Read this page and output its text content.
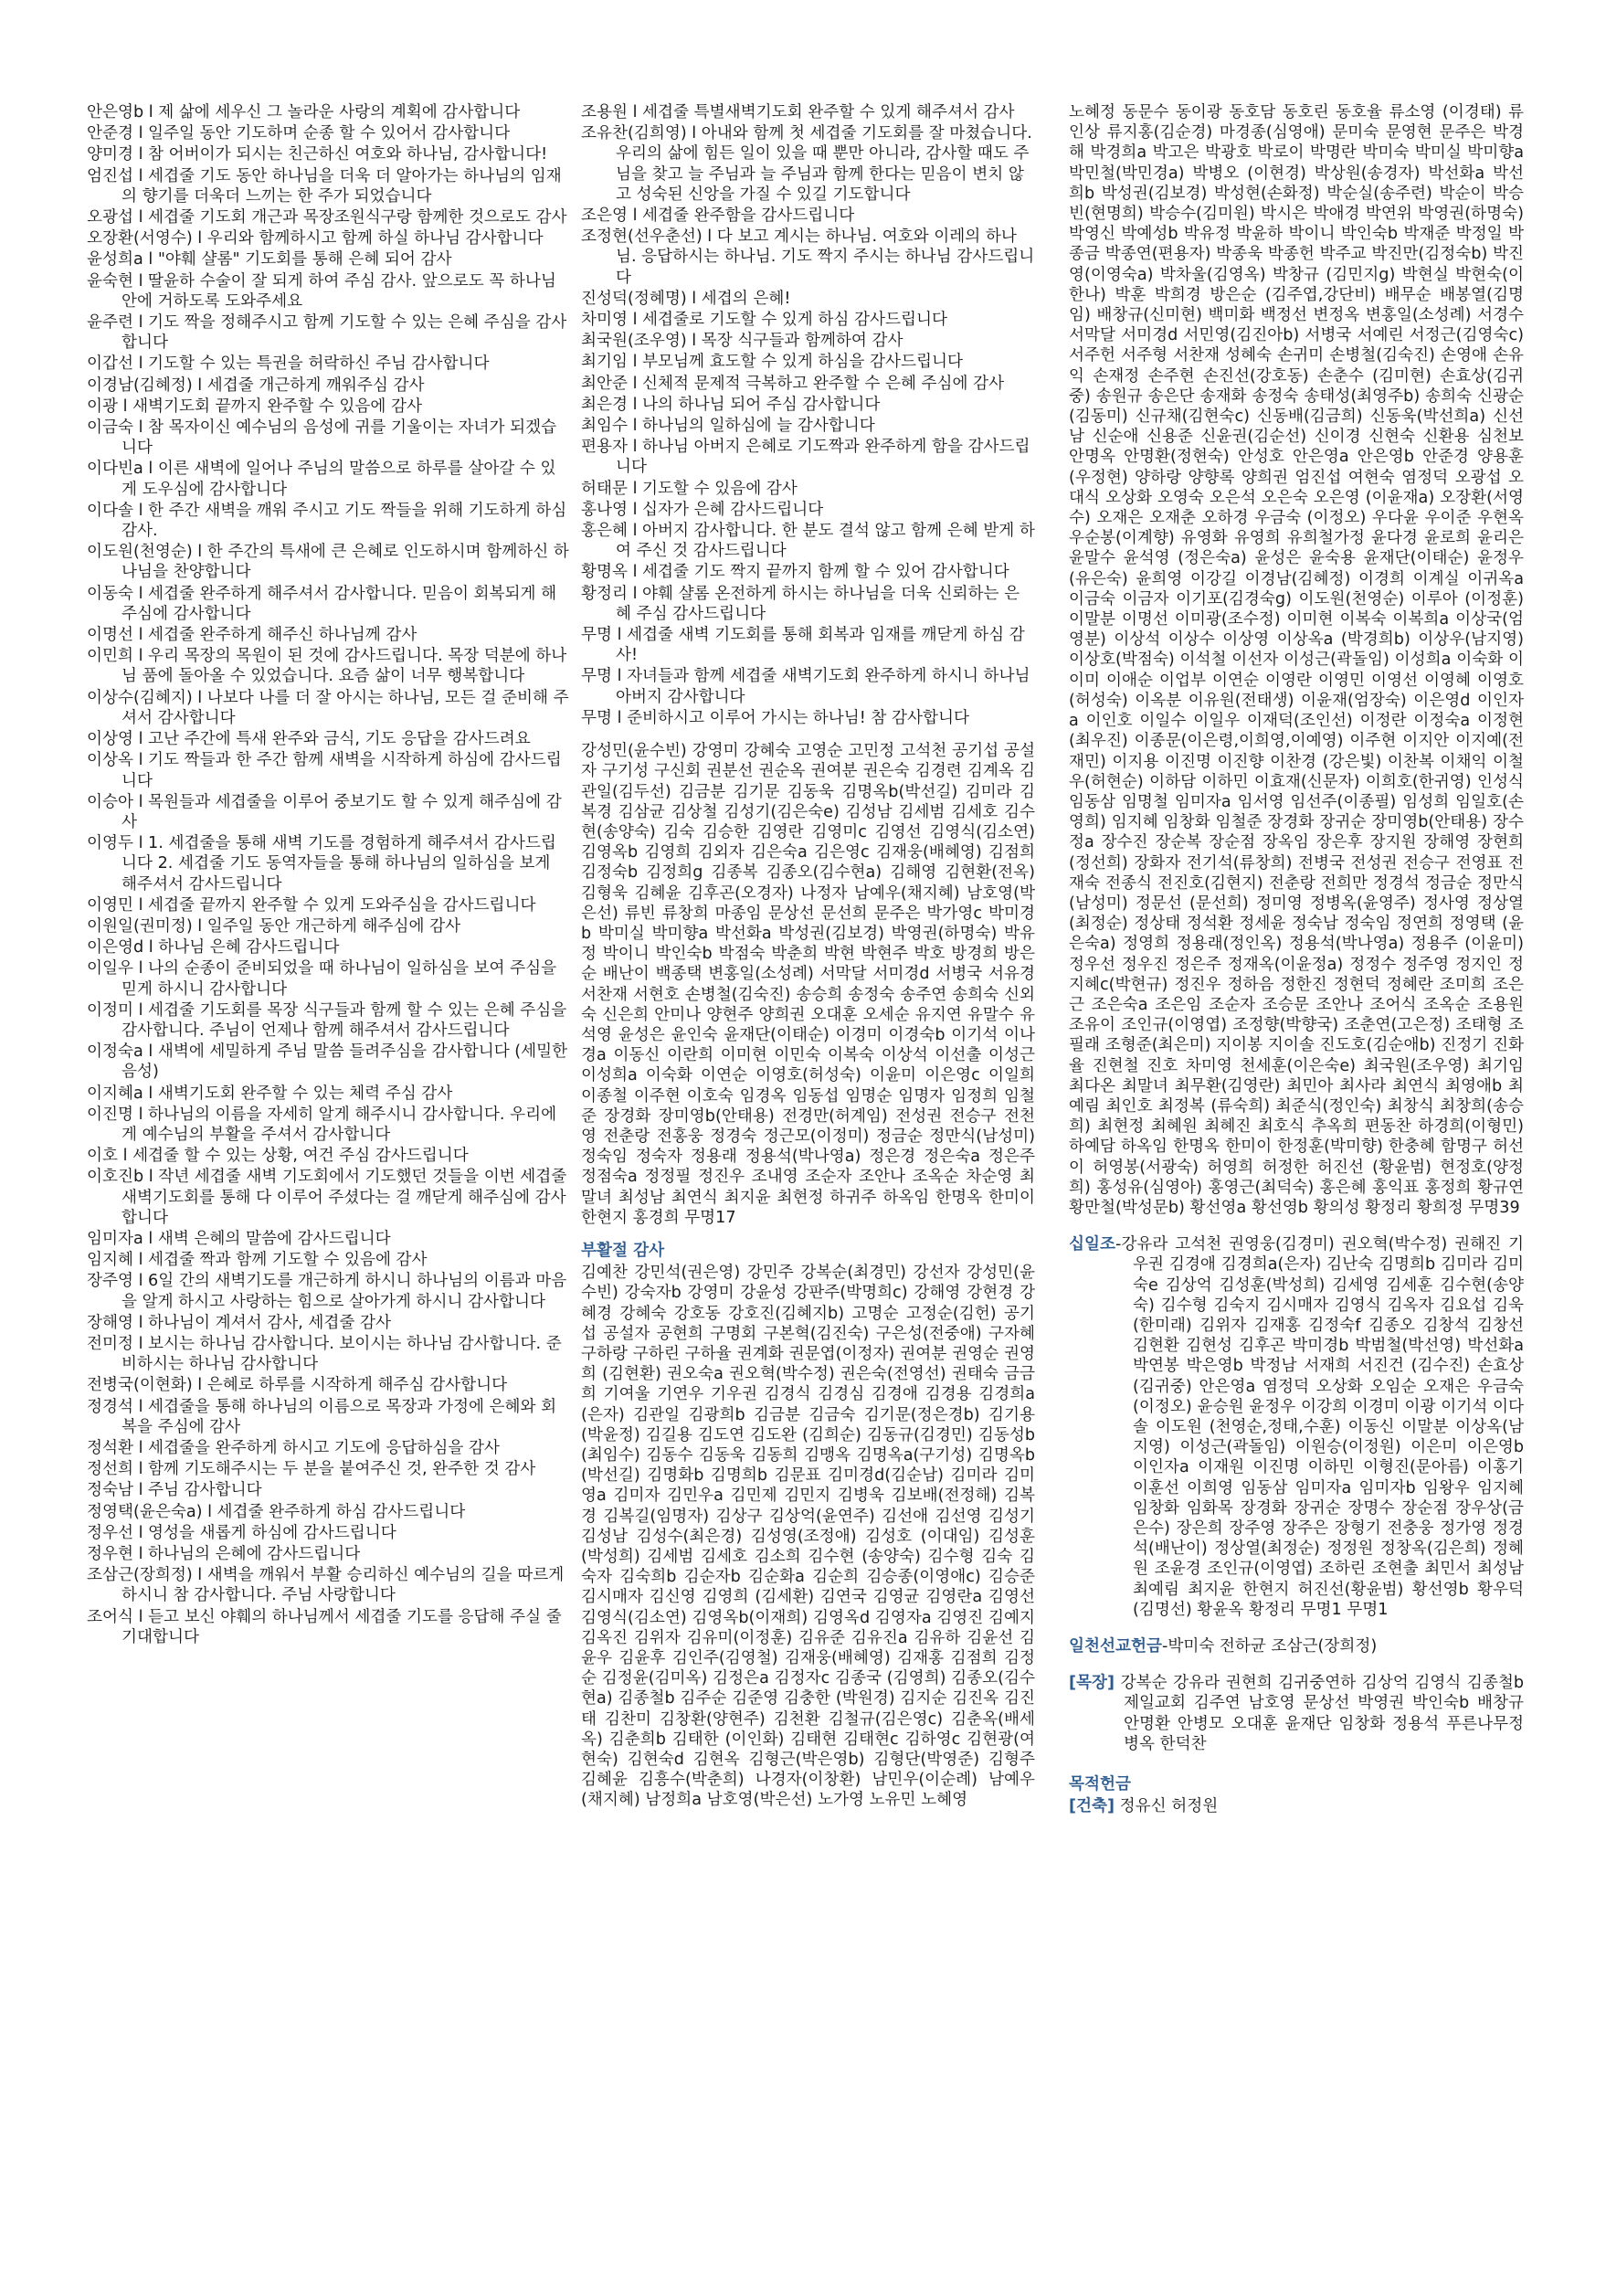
안은영b l 제 삶에 세우신 그 놀라운 사랑의 계획에 감사합니다
안준경 l 일주일 동안 기도하며 순종 할 수 있어서 감사합니다
양미경 l 참 어버이가 되시는 친근하신 여호와 하나님, 감사합니다!
엄진섭 l 세겹줄 기도 동안 하나님을 더욱 더 알아가는 하나님의 임재의 향기를 더욱더 느끼는 한 주가 되었습니다
오광섭 l 세겹줄 기도회 개근과 목장조원식구랑 함께한 것으로도 감사
오장환(서영수) l 우리와 함께하시고 함께 하실 하나님 감사합니다
윤성희a l "야훼 샬롬" 기도회를 통해 은혜 되어 감사
윤숙현 l 딸윤하 수술이 잘 되게 하여 주심 감사. 앞으로도 꼭 하나님 안에 거하도록 도와주세요
윤주련 l 기도 짝을 정해주시고 함께 기도할 수 있는 은혜 주심을 감사합니다
이갑선 l 기도할 수 있는 특권을 허락하신 주님 감사합니다
이경남(김혜정) l 세겹줄 개근하게 깨워주심 감사
이광 l 새벽기도회 끝까지 완주할 수 있음에 감사
이금숙 l 참 목자이신 예수님의 음성에 귀를 기울이는 자녀가 되겠습니다
이다빈a l 이른 새벽에 일어나 주님의 말씀으로 하루를 살아갈 수 있게 도우심에 감사합니다
이다솔 l 한 주간 새벽을 깨워 주시고 기도 짝들을 위해 기도하게 하심 감사.
이도원(천영순) l 한 주간의 특새에 큰 은혜로 인도하시며 함께하신 하나님을 찬양합니다
이동숙 l 세겹줄 완주하게 해주셔서 감사합니다. 믿음이 회복되게 해주심에 감사합니다
이명선 l 세겹줄 완주하게 해주신 하나님께 감사
이민희 l 우리 목장의 목원이 된 것에 감사드립니다. 목장 덕분에 하나님 품에 돌아올 수 있었습니다. 요즘 삶이 너무 행복합니다
이상수(김혜지) l 나보다 나를 더 잘 아시는 하나님, 모든 걸 준비해 주셔서 감사합니다
이상영 l 고난 주간에 특새 완주와 금식, 기도 응답을 감사드려요
이상옥 l 기도 짝들과 한 주간 함께 새벽을 시작하게 하심에 감사드립니다
이승아 l 목원들과 세겹줄을 이루어 중보기도 할 수 있게 해주심에 감사
이영두 l 1. 세겹줄을 통해 새벽 기도를 경험하게 해주셔서 감사드립니다 2. 세겹줄 기도 동역자들을 통해 하나님의 일하심을 보게 해주셔서 감사드립니다
이영민 l 세겹줄 끝까지 완주할 수 있게 도와주심을 감사드립니다
이원일(권미정) l 일주일 동안 개근하게 해주심에 감사
이은영d l 하나님 은혜 감사드립니다
이일우 l 나의 순종이 준비되었을 때 하나님이 일하심을 보여 주심을 믿게 하시니 감사합니다
이정미 l 세겹줄 기도회를 목장 식구들과 함께 할 수 있는 은혜 주심을 감사합니다. 주님이 언제나 함께 해주셔서 감사드립니다
이정숙a l 새벽에 세밀하게 주님 말씀 들려주심을 감사합니다 (세밀한 음성)
이지혜a l 새벽기도회 완주할 수 있는 체력 주심 감사
이진명 l 하나님의 이름을 자세히 알게 해주시니 감사합니다. 우리에게 예수님의 부활을 주셔서 감사합니다
이호 l 세겹줄 할 수 있는 상황, 여건 주심 감사드립니다
이호진b l 작년 세겹줄 새벽 기도회에서 기도했던 것들을 이번 세겹줄 새벽기도회를 통해 다 이루어 주셨다는 걸 깨닫게 해주심에 감사합니다
임미자a l 새벽 은혜의 말씀에 감사드립니다
임지혜 l 세겹줄 짝과 함께 기도할 수 있음에 감사
장주영 l 6일 간의 새벽기도를 개근하게 하시니 하나님의 이름과 마음을 알게 하시고 사랑하는 힘으로 살아가게 하시니 감사합니다
장해영 l 하나님이 계셔서 감사, 세겹줄 감사
전미정 l 보시는 하나님 감사합니다. 보이시는 하나님 감사합니다. 준비하시는 하나님 감사합니다
전병국(이현화) l 은혜로 하루를 시작하게 해주심 감사합니다
정경석 l 세겹줄을 통해 하나님의 이름으로 목장과 가정에 은혜와 회복을 주심에 감사
정석환 l 세겹줄을 완주하게 하시고 기도에 응답하심을 감사
정선희 l 함께 기도해주시는 두 분을 붙여주신 것, 완주한 것 감사
정숙남 l 주님 감사합니다
정영택(윤은숙a) l 세겹줄 완주하게 하심 감사드립니다
정우선 l 영성을 새롭게 하심에 감사드립니다
정우현 l 하나님의 은혜에 감사드립니다
조삼근(장희정) l 새벽을 깨워서 부활 승리하신 예수님의 길을 따르게 하시니 참 감사합니다. 주님 사랑합니다
조어식 l 듣고 보신 야훼의 하나님께서 세겹줄 기도를 응답해 주실 줄 기대합니다
조용원 l 세겹줄 특별새벽기도회 완주할 수 있게 해주셔서 감사
조유찬(김희영) l 아내와 함께 첫 세겹줄 기도회를 잘 마쳤습니다. 우리의 삶에 힘든 일이 있을 때 뿐만 아니라, 감사할 때도 주님을 찾고 늘 주님과 늘 주님과 함께 한다는 믿음이 변치 않고 성숙된 신앙을 가질 수 있길 기도합니다
조은영 l 세겹줄 완주함을 감사드립니다
조정현(선우춘선) l 다 보고 계시는 하나님. 여호와 이레의 하나님. 응답하시는 하나님. 기도 짝지 주시는 하나님 감사드립니다
진성덕(정혜명) l 세겹의 은혜!
차미영 l 세겹줄로 기도할 수 있게 하심 감사드립니다
최국원(조우영) l 목장 식구들과 함께하여 감사
최기임 l 부모님께 효도할 수 있게 하심을 감사드립니다
최안준 l 신체적 문제적 극복하고 완주할 수 은혜 주심에 감사
최은경 l 나의 하나님 되어 주심 감사합니다
최임수 l 하나님의 일하심에 늘 감사합니다
편용자 l 하나님 아버지 은혜로 기도짝과 완주하게 함을 감사드립니다
허태문 l 기도할 수 있음에 감사
홍나영 l 십자가 은혜 감사드립니다
홍은혜 l 아버지 감사합니다. 한 분도 결석 않고 함께 은혜 받게 하여 주신 것 감사드립니다
황명옥 l 세겹줄 기도 짝지 끝까지 함께 할 수 있어 감사합니다
황정리 l 야훼 샬롬 온전하게 하시는 하나님을 더욱 신뢰하는 은혜 주심 감사드립니다
무명 l 세겹줄 새벽 기도회를 통해 회복과 임재를 깨닫게 하심 감사!
무명 l 자녀들과 함께 세겹줄 새벽기도회 완주하게 하시니 하나님 아버지 감사합니다
무명 l 준비하시고 이루어 가시는 하나님! 참 감사합니다
강성민(윤수빈) 강영미 강혜숙 고영순 고민정 고석천 공기섭 공설자 구기성 구신회 권분선 권순옥 권여분 권은숙 김경련 김계옥 김관일(김두선) 김금분 김기문 김동욱 김명옥b(박선길) 김미라 김복경 김삼균 김상철 김성기(김은숙e) 김성남 김세범 김세호 김수현(송양숙) 김숙 김승한 김영란 김영미c 김영선 김영식(김소연) 김영옥b 김영희 김외자 김은숙a 김은영c 김재웅(배혜영) 김점희 김정숙b 김정희g 김종복 김종오(김수현a) 김해영 김현환(전옥) 김형욱 김혜윤 김후곤(오경자) 나정자 남예우(채지혜) 남호영(박은선) 류빈 류창희 마종임 문상선 문선희 문주은 박가영c 박미경b 박미실 박미향a 박선화a 박성권(김보경) 박영권(하명숙) 박유정 박이니 박인숙b 박점숙 박춘희 박현 박현주 박호 방경희 방은순 배난이 백종택 변홍일(소성례) 서막달 서미경d 서병국 서유경 서찬재 서현호 손병철(김숙진) 송승희 송정숙 송주연 송희숙 신외숙 신은희 안미나 양현주 양희권 오대훈 오세순 유지연 유말수 유석영 윤성은 윤인숙 윤재단(이태순) 이경미 이경숙b 이기석 이나경a 이동신 이란희 이미현 이민숙 이복숙 이상석 이선출 이성근 이성희a 이숙화 이연순 이영호(허성숙) 이윤미 이은영c 이일희 이종철 이주현 이호숙 임경옥 임동섭 임명순 임명자 임정희 임철준 장경화 장미영b(안태용) 전경만(허계임) 전성권 전승구 전천영 전춘랑 전홍웅 정경숙 정근모(이정미) 정금순 정만식(남성미) 정숙임 정숙자 정용래 정용석(박나영a) 정은경 정은숙a 정은주 정점숙a 정정필 정진우 조내영 조순자 조안나 조옥순 차순영 최말녀 최성남 최연식 최지윤 최현정 하귀주 하옥임 한명옥 한미이 한현지 홍경희 무명17
부활절 감사
김예찬 강민석(권은영) 강민주 강복순(최경민) 강선자 강성민(윤수빈) 강숙자b 강영미 강윤성 강판주(박명희c) 강해영 강현경 강혜경 강혜숙 강호동 강호진(김혜지b) 고명순 고정순(김헌) 공기섭 공설자 공현희 구명회 구본혁(김진숙) 구은성(전중애) 구자혜 구하랑 구하린 구하율 권계화 권문엽(이정자) 권여분 권영순 권영희 (김현환) 권오숙a 권오혁(박수정) 권은숙(전영선) 권태숙 금금희 기여울 기연우 기우권 김경식 김경심 김경애 김경용 김경희a(은자) 김관일 김광희b 김금분 김금숙 김기문(정은경b) 김기용(박윤정) 김길용 김도연 김도완 (김희순) 김동규(김경민) 김동성b(최임수) 김동수 김동욱 김동희 김맹옥 김명옥a(구기성) 김명옥b(박선길) 김명화b 김명희b 김문표 김미경d(김순남) 김미라 김미영a 김미자 김민우a 김민제 김민지 김병욱 김보배(전정해) 김복경 김복길(임명자) 김상구 김상억(윤연주) 김선애 김선영 김성기 김성남 김성수(최은경) 김성영(조정애) 김성호 (이대임) 김성훈(박성희) 김세범 김세호 김소희 김수현 (송양숙) 김수형 김숙 김숙자 김숙희b 김순자b 김순화a 김순희 김승종(이영애c) 김승준 김시매자 김신영 김영희 (김세환) 김연국 김영균 김영란a 김영선 김영식(김소연) 김영옥b(이재희) 김영옥d 김영자a 김영진 김예지 김옥진 김위자 김유미(이정훈) 김유준 김유진a 김유하 김윤선 김윤우 김윤후 김인주(김영철) 김재웅(배혜영) 김재홍 김점희 김정순 김정윤(김미옥) 김정은a 김정자c 김종국 (김영희) 김종오(김수현a) 김종철b 김주순 김준영 김충한 (박원경) 김지순 김진옥 김진태 김찬미 김창환(양현주) 김천환 김철규(김은영c) 김춘옥(배세옥) 김춘희b 김태한 (이인화) 김태현 김태현c 김하영c 김현광(여현숙) 김현숙d 김현옥 김형근(박은영b) 김형단(박영준) 김형주 김혜윤 김흥수(박춘희) 나경자(이창환) 남민우(이순례) 남예우 (채지혜) 남정희a 남호영(박은선) 노가영 노유민 노혜영
노혜정 동문수 동이광 동호담 동호린 동호율 류소영 (이경태) 류인상 류지홍(김순경) 마경종(심영애) 문미숙 문영현 문주은 박경해 박경희a 박고은 박광호 박로이 박명란 박미숙 박미실 박미향a 박민철(박민경a) 박병오 (이현경) 박상원(송경자) 박선화a 박선희b 박성권(김보경) 박성현(손화정) 박순실(송주련) 박순이 박승빈(현명희) 박승수(김미원) 박시은 박애경 박연위 박영권(하명숙) 박영신 박예성b 박유정 박윤하 박이니 박인숙b 박재준 박정일 박종금 박종연(편용자) 박종욱 박종헌 박주교 박진만(김정숙b) 박진영(이영숙a) 박차울(김영옥) 박창규 (김민지g) 박현실 박현숙(이한나) 박훈 박희경 방은순 (김주엽,강단비) 배무순 배봉열(김명임) 배창규(신미현) 백미화 백정선 변정옥 변홍일(소성례) 서경수 서막달 서미경d 서민영(김진아b) 서병국 서예린 서정근(김영숙c) 서주헌 서주형 서찬재 성혜숙 손귀미 손병철(김숙진) 손영애 손유익 손재정 손주현 손진선(강호동) 손춘수 (김미현) 손효상(김귀중) 송원규 송은단 송재화 송정숙 송태성(최영주b) 송희숙 신광순(김동미) 신규채(김현숙c) 신동배(김금희) 신동욱(박선희a) 신선남 신순애 신용준 신윤권(김순선) 신이경 신현숙 신환용 심천보 안명옥 안명환(정현숙) 안성호 안은영a 안은영b 안준경 양용훈 (우정현) 양하랑 양향록 양희권 엄진섭 여현숙 염정덕 오광섭 오대식 오상화 오영숙 오은석 오은숙 오은영 (이윤재a) 오장환(서영수) 오재은 오재춘 오하경 우금숙 (이정오) 우다윤 우이준 우현옥 우순봉(이계향) 유영화 유영희 유희철가정 윤다경 윤로희 윤리은 윤말수 윤석영 (정은숙a) 윤성은 윤숙용 윤재단(이태순) 윤정우(유은숙) 윤희영 이강길 이경남(김혜정) 이경희 이계실 이귀옥a 이금숙 이금자 이기포(김경숙g) 이도원(천영순) 이루아 (이정훈) 이말분 이명선 이미광(조수정) 이미현 이복숙 이복희a 이상국(엄영분) 이상석 이상수 이상영 이상옥a (박경희b) 이상우(남지영) 이상호(박점숙) 이석철 이선자 이성근(곽돌임) 이성희a 이숙화 이이미 이애순 이업부 이연순 이영란 이영민 이영선 이영혜 이영호(허성숙) 이옥분 이유원(전태생) 이윤재(엄장숙) 이은영d 이인자a 이인호 이일수 이일우 이재덕(조인선) 이정란 이정숙a 이정현(최우진) 이종문(이은령,이희영,이예영) 이주현 이지안 이지예(전재민) 이지용 이진명 이진향 이찬경 (강은빛) 이찬복 이채익 이철우(허현순) 이하담 이하민 이효재(신문자) 이희호(한귀영) 인성식 임동삼 임명철 임미자a 임서영 임선주(이종필) 임성희 임일호(손영희) 임지혜 임창화 임철준 장경화 장귀순 장미영b(안태용) 장수정a 장수진 장순복 장순점 장옥임 장은후 장지원 장해영 장현희(정선희) 장화자 전기석(류창희) 전병국 전성권 전승구 전영표 전재숙 전종식 전진호(김현지) 전춘랑 전희만 정경석 정금순 정만식(남성미) 정문선 (문선희) 정미영 정병옥(윤영주) 정사영 정상열(최정순) 정상태 정석환 정세윤 정숙남 정숙임 정연희 정영택 (윤은숙a) 정영희 정용래(정인옥) 정용석(박나영a) 정용주 (이윤미) 정우선 정우진 정은주 정재옥(이윤정a) 정정수 정주영 정지인 정지혜c(박현규) 정진우 정하음 정한진 정현덕 정혜란 조미희 조은근 조은숙a 조은임 조순자 조승문 조안나 조어식 조옥순 조용원 조유이 조인규(이영엽) 조정향(박향국) 조춘연(고은정) 조태형 조필래 조형준(최은미) 지이봉 지이솔 진도호(김순애b) 진정기 진화율 진현철 진호 차미영 천세훈(이은숙e) 최국원(조우영) 최기임 최다온 최말녀 최무환(김영란) 최민아 최사라 최연식 최영애b 최예림 최인호 최정복 (류숙희) 최준식(정인숙) 최창식 최창희(송승희) 최현정 최혜원 최혜진 최호식 추옥희 편동찬 하경희(이형민) 하예담 하옥임 한명옥 한미이 한정훈(박미향) 한충혜 함명구 허선이 허영봉(서광숙) 허영희 허정한 허진선 (황윤범) 현정호(양정희) 홍성유(심영아) 홍영근(최덕숙) 홍은혜 홍익표 홍정희 황규연 황만철(박성문b) 황선영a 황선영b 황의성 황정리 황희정 무명39
십일조-강유라 고석천 권영웅(김경미) 권오혁(박수정) 권해진 기우권 김경애 김경희a(은자) 김난숙 김명희b 김미라 김미숙e 김상억 김성훈(박성희) 김세영 김세훈 김수현(송양숙) 김수형 김숙지 김시매자 김영식 김옥자 김요섭 김욱(한미래) 김위자 김재홍 김정숙f 김종오 김창석 김창선 김현환 김현성 김후곤 박미경b 박범철(박선영) 박선화a 박연봉 박은영b 박정남 서재희 서진건 (김수진) 손효상(김귀중) 안은영a 염정덕 오상화 오임순 오재은 우금숙(이정오) 윤승원 윤정우 이강희 이경미 이광 이기석 이다솔 이도원 (천영순,정태,수훈) 이동신 이말분 이상옥(남지영) 이성근(곽돌임) 이원승(이정원) 이은미 이은영b 이인자a 이재원 이진명 이하민 이형진(문아름) 이홍기 이훈선 이희영 임동삼 임미자a 임미자b 임왕우 임지혜 임창화 임화목 장경화 장귀순 장명수 장순점 장우상(금은수) 장은희 장주영 장주은 장형기 전충웅 정가영 정경석(배난이) 정상열(최정순) 정정원 정창옥(김은희) 정혜원 조윤경 조인규(이영엽) 조하린 조현출 최민서 최성남 최예림 최지윤 한현지 허진선(황윤범) 황선영b 황우덕(김명선) 황윤옥 황정리 무명1 무명1
일천선교헌금-박미숙 전하균 조삼근(장희정)
[목장] 강복순 강유라 권현희 김귀중연하 김상억 김영식 김종철b제일교회 김주연 남호영 문상선 박영권 박인숙b 배창규 안명환 안병모 오대훈 윤재단 임창화 정용석 푸른나무정병옥 한덕찬
목적헌금
[건축] 정유신 허정원
